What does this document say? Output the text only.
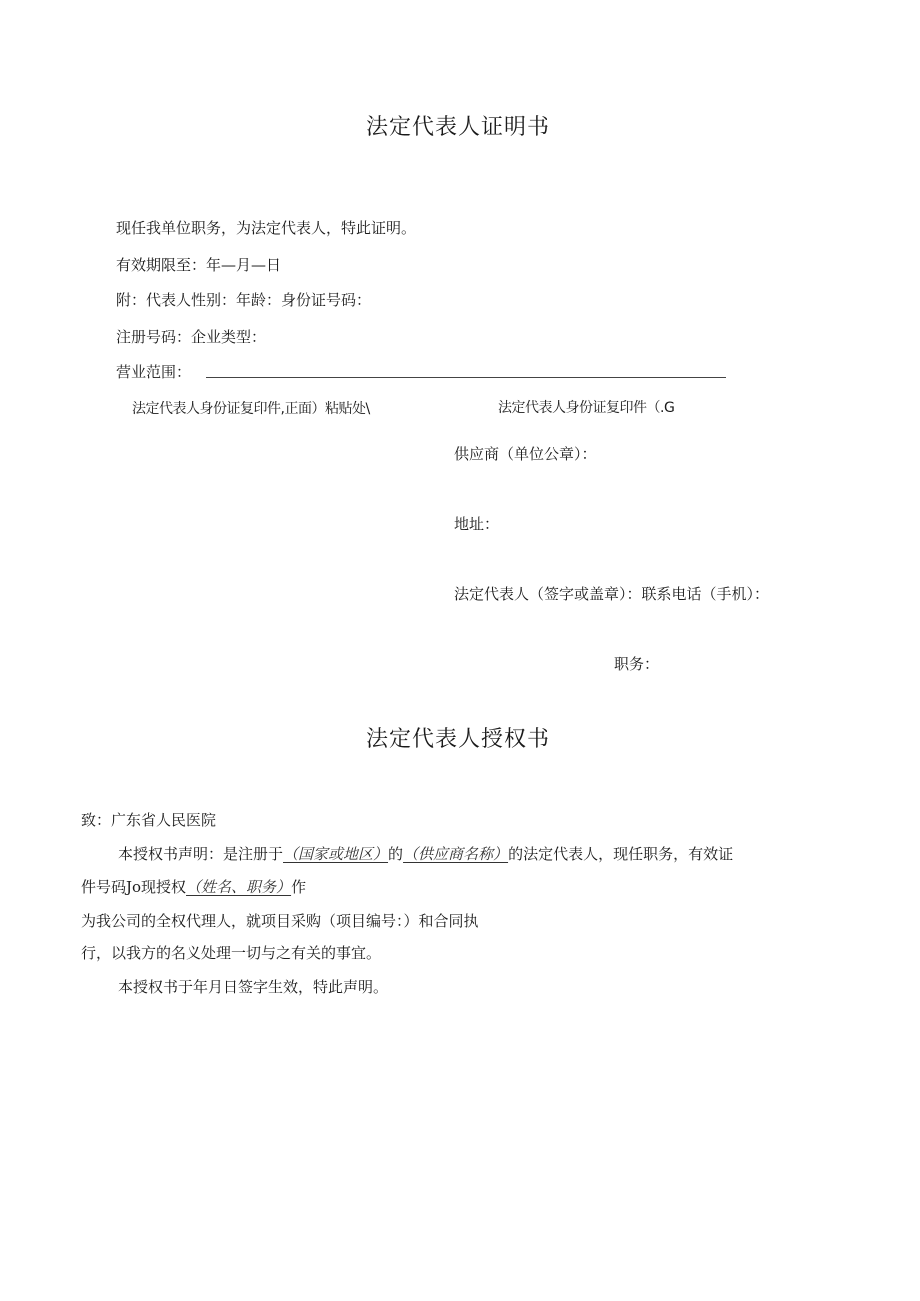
法定代表人证明书
现任我单位职务，为法定代表人，特此证明。
有效期限至：年—月—日
附：代表人性别：年龄：身份证号码：
注册号码：企业类型：
营业范围：
法定代表人身份证复印件,正面）粘贴处\	法定代表人身份证复印件（.G
供应商（单位公章）：
地址：
法定代表人（签字或盖章）：联系电话（手机）：
职务：
法定代表人授权书
致：广东省人民医院
本授权书声明：是注册于（国家或地区）的（供应商名称）的法定代表人，现任职务，有效证
件号码Jo现授权（姓名、职务）作
为我公司的全权代理人，就项目采购（项目编号：）和合同执
行，以我方的名义处理一切与之有关的事宜。
本授权书于年月日签字生效，特此声明。
